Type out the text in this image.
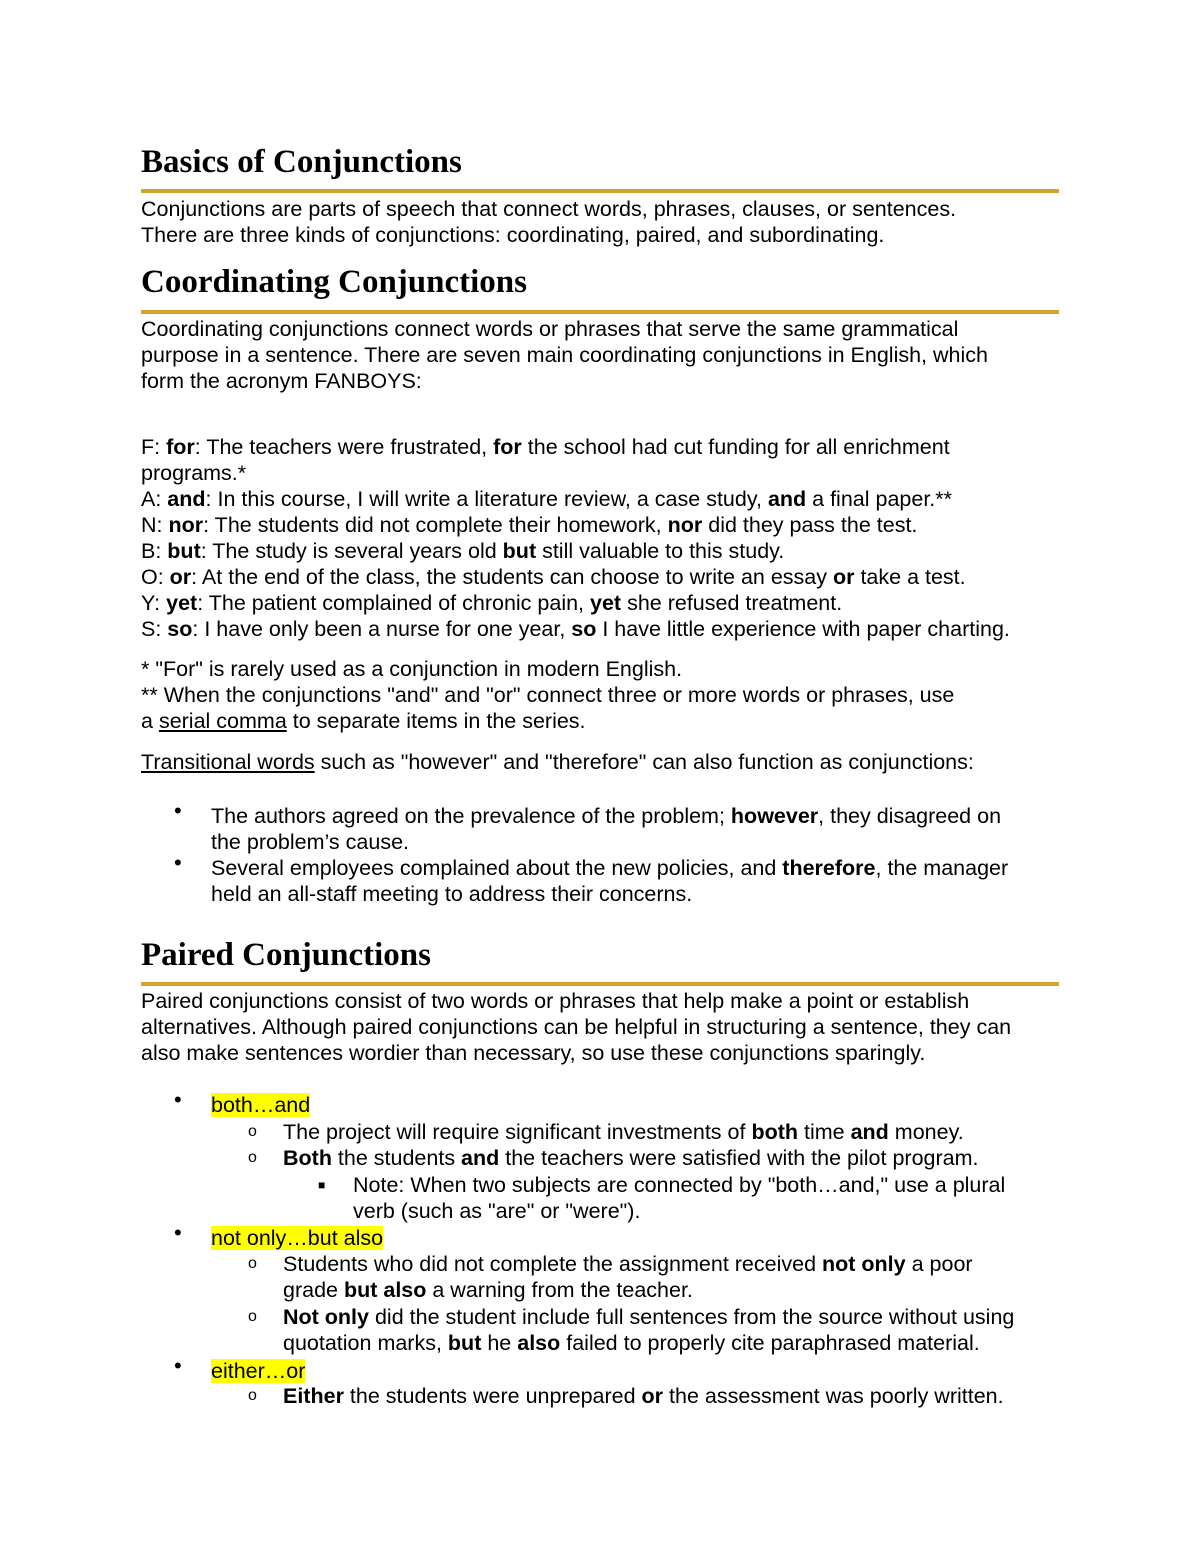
Basics of Conjunctions

Conjunctions are parts of speech that connect words, phrases, clauses, or sentences.
There are three kinds of conjunctions: coordinating, paired, and subordinating.

Coordinating Conjunctions

Coordinating conjunctions connect words or phrases that serve the same grammatical
purpose in a sentence. There are seven main coordinating conjunctions in English, which
form the acronym FANBOYS:

F: for: The teachers were frustrated, for the school had cut funding for all enrichment
programs.*
A: and: In this course, I will write a literature review, a case study, and a final paper.**
N: nor: The students did not complete their homework, nor did they pass the test.
B: but: The study is several years old but still valuable to this study.
O: or: At the end of the class, the students can choose to write an essay or take a test.
Y: yet: The patient complained of chronic pain, yet she refused treatment.
S: so: I have only been a nurse for one year, so I have little experience with paper charting.

* "For" is rarely used as a conjunction in modern English.
** When the conjunctions "and" and "or" connect three or more words or phrases, use
a serial comma to separate items in the series.

Transitional words such as "however" and "therefore" can also function as conjunctions:

• The authors agreed on the prevalence of the problem; however, they disagreed on
the problem’s cause.
• Several employees complained about the new policies, and therefore, the manager
held an all-staff meeting to address their concerns.
Paired Conjunctions

Paired conjunctions consist of two words or phrases that help make a point or establish
alternatives. Although paired conjunctions can be helpful in structuring a sentence, they can
also make sentences wordier than necessary, so use these conjunctions sparingly.

• both…and
o The project will require significant investments of both time and money.
o Both the students and the teachers were satisfied with the pilot program.
■ Note: When two subjects are connected by "both…and," use a plural
verb (such as "are" or "were").
• not only…but also
o Students who did not complete the assignment received not only a poor
grade but also a warning from the teacher.
o Not only did the student include full sentences from the source without using
quotation marks, but he also failed to properly cite paraphrased material.
• either…or
o Either the students were unprepared or the assessment was poorly written.
